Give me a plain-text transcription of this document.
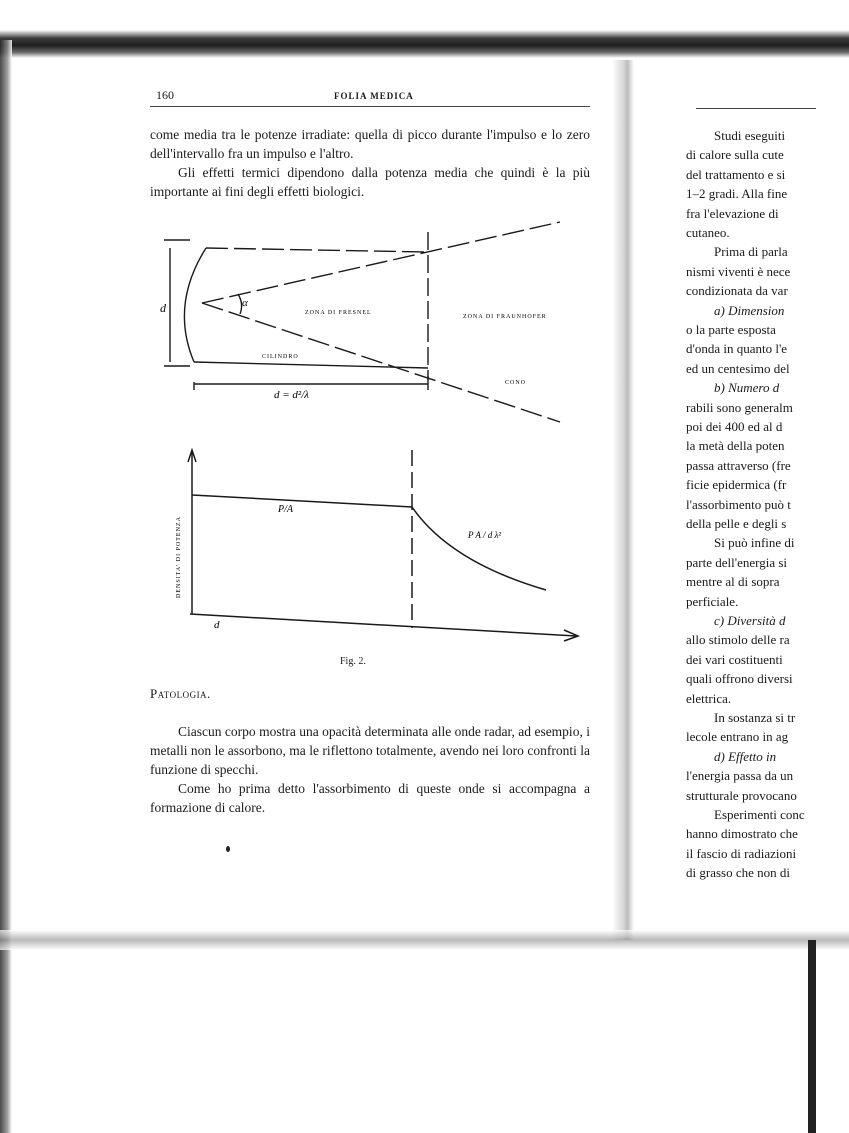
160	FOLIA MEDICA

come media tra le potenze irradiate: quella di picco durante l'impulso e lo zero dell'intervallo fra un impulso e l'altro.

Gli effetti termici dipendono dalla potenza media che quindi è la più importante ai fini degli effetti biologici.

d	α
ZONA DI FRESNEL
ZONA DI FRAUNHOFER
CILINDRO
CONO
d = d²/λ
DENSITA' DI POTENZA
d
P/A
P A / d λ²
Fig. 2.
Patologia.

Ciascun corpo mostra una opacità determinata alle onde radar, ad esempio, i metalli non le assorbono, ma le riflettono totalmente, avendo nei loro confronti la funzione di specchi.

Come ho prima detto l'assorbimento di queste onde si accompagna a formazione di calore.

Studi eseguiti
di calore sulla cute
del trattamento e si
1–2 gradi. Alla fine
fra l'elevazione di
cutaneo.
Prima di parla
nismi viventi è nece
condizionata da var
a) Dimension
o la parte esposta
d'onda in quanto l'e
ed un centesimo del
b) Numero d
rabili sono generalm
poi dei 400 ed al d
la metà della poten
passa attraverso (fre
ficie epidermica (fr
l'assorbimento può t
della pelle e degli s
Si può infine di
parte dell'energia si
mentre al di sopra
perficiale.
c) Diversità d
allo stimolo delle ra
dei vari costituenti
quali offrono diversi
elettrica.
In sostanza si tr
lecole entrano in ag
d) Effetto in
l'energia passa da un
strutturale provocano
Esperimenti conc
hanno dimostrato che
il fascio di radiazioni
di grasso che non di
